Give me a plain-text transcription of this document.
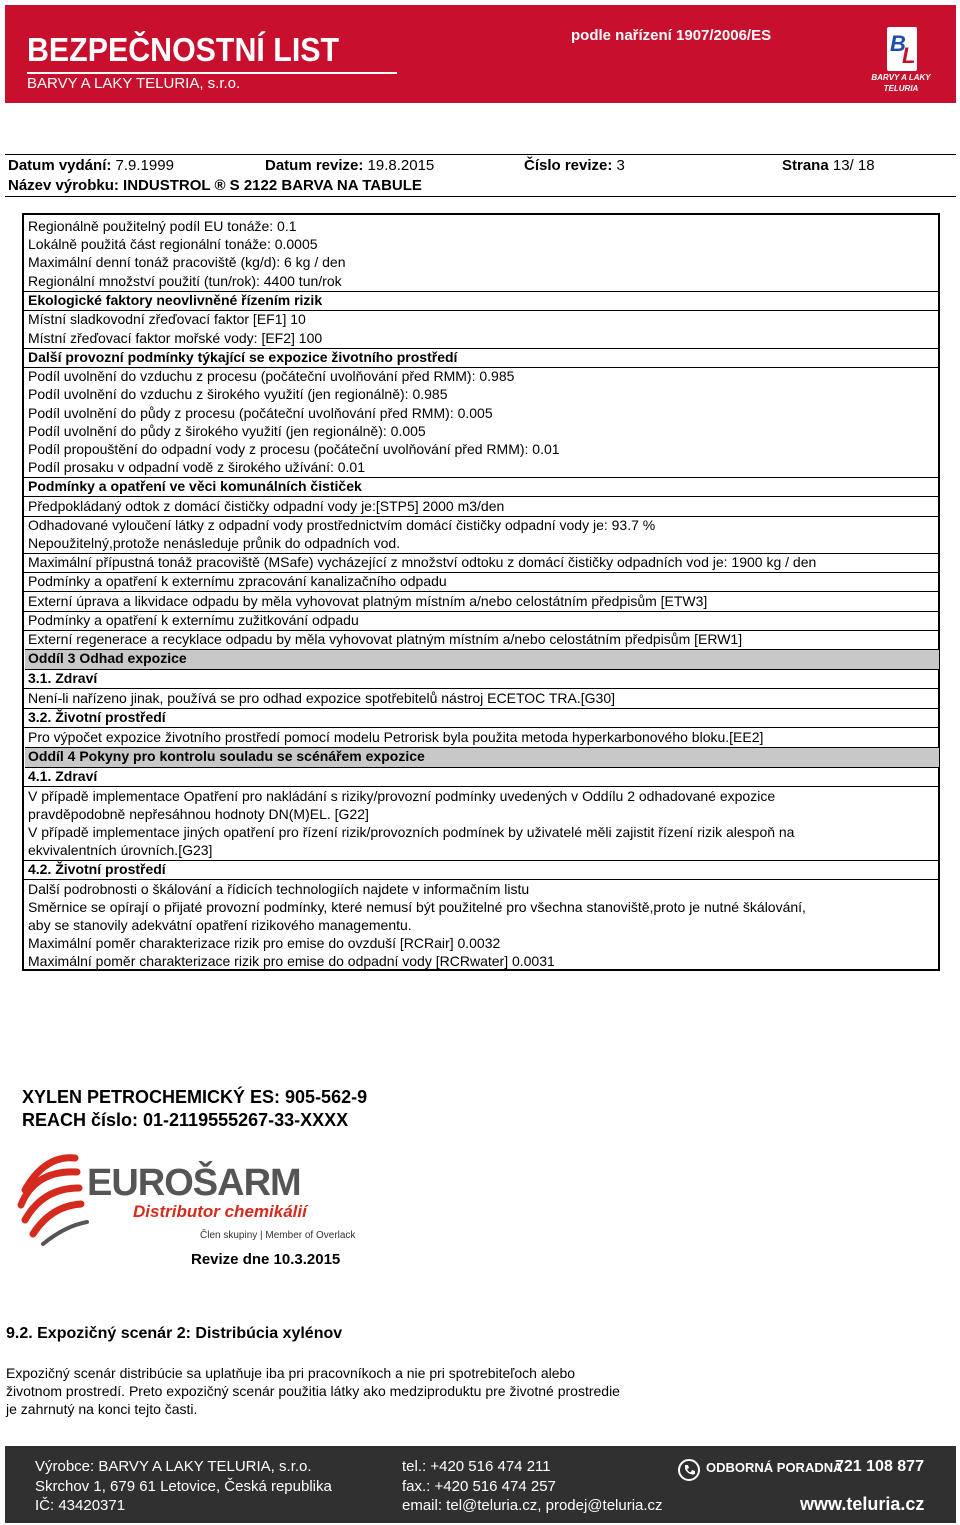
BEZPEČNOSTNÍ LIST
BARVY A LAKY TELURIA, s.r.o.
podle nařízení 1907/2006/ES	B
L
BARVY A LAKY
TELURIA
Datum vydání: 7.9.1999	Datum revize: 19.8.2015	Číslo revize: 3	Strana 13/ 18
Název výrobku: INDUSTROL ® S 2122 BARVA NA TABULE
Regionálně použitelný podíl EU tonáže: 0.1
Lokálně použitá část regionální tonáže: 0.0005
Maximální denní tonáž pracoviště (kg/d): 6 kg / den
Regionální množství použití (tun/rok): 4400 tun/rok
Ekologické faktory neovlivněné řízením rizik
Místní sladkovodní zřeďovací faktor [EF1] 10
Místní zřeďovací faktor mořské vody: [EF2] 100
Další provozní podmínky týkající se expozice životního prostředí
Podíl uvolnění do vzduchu z procesu (počáteční uvolňování před RMM): 0.985
Podíl uvolnění do vzduchu z širokého využití (jen regionálně): 0.985
Podíl uvolnění do půdy z procesu (počáteční uvolňování před RMM): 0.005
Podíl uvolnění do půdy z širokého využití (jen regionálně): 0.005
Podíl propouštění do odpadní vody z procesu (počáteční uvolňování před RMM): 0.01
Podíl prosaku v odpadní vodě z širokého užívání: 0.01
Podmínky a opatření ve věci komunálních čističek
Předpokládaný odtok z domácí čističky odpadní vody je:[STP5] 2000 m3/den
Odhadované vyloučení látky z odpadní vody prostřednictvím domácí čističky odpadní vody je: 93.7 %
Nepoužitelný,protože nenásleduje průnik do odpadních vod.
Maximální přípustná tonáž pracoviště (MSafe) vycházející z množství odtoku z domácí čističky odpadních vod je: 1900 kg / den
Podmínky a opatření k externímu zpracování kanalizačního odpadu
Externí úprava a likvidace odpadu by měla vyhovovat platným místním a/nebo celostátním předpisům [ETW3]
Podmínky a opatření k externímu zužitkování odpadu
Externí regenerace a recyklace odpadu by měla vyhovovat platným místním a/nebo celostátním předpisům [ERW1]
Oddíl 3 Odhad expozice
3.1. Zdraví
Není-li nařízeno jinak, používá se pro odhad expozice spotřebitelů nástroj ECETOC TRA.[G30]
3.2. Životní prostředí
Pro výpočet expozice životního prostředí pomocí modelu Petrorisk byla použita metoda hyperkarbonového bloku.[EE2]
Oddíl 4 Pokyny pro kontrolu souladu se scénářem expozice
4.1. Zdraví
V případě implementace Opatření pro nakládání s riziky/provozní podmínky uvedených v Oddílu 2 odhadované expozice
pravděpodobně nepřesáhnou hodnoty DN(M)EL. [G22]
V případě implementace jiných opatření pro řízení rizik/provozních podmínek by uživatelé měli zajistit řízení rizik alespoň na
ekvivalentních úrovních.[G23]
4.2. Životní prostředí
Další podrobnosti o škálování a řídicích technologiích najdete v informačním listu
Směrnice se opírají o přijaté provozní podmínky, které nemusí být použitelné pro všechna stanoviště,proto je nutné škálování,
aby se stanovily adekvátní opatření rizikového managementu.
Maximální poměr charakterizace rizik pro emise do ovzduší [RCRair] 0.0032
Maximální poměr charakterizace rizik pro emise do odpadní vody [RCRwater] 0.0031
XYLEN PETROCHEMICKÝ ES: 905-562-9
REACH číslo: 01-2119555267-33-XXXX
EUROŠARM
Distributor chemikálií
Člen skupiny | Member of Overlack
Revize dne 10.3.2015
9.2. Expozičný scenár 2: Distribúcia xylénov
Expozičný scenár distribúcie sa uplatňuje iba pri pracovníkoch a nie pri spotrebiteľoch alebo
životnom prostredí. Preto expozičný scenár použitia látky ako medziproduktu pre životné prostredie
je zahrnutý na konci tejto časti.
Výrobce: BARVY A LAKY TELURIA, s.r.o.
Skrchov 1, 679 61 Letovice, Česká republika
IČ: 43420371
tel.: +420 516 474 211
fax.: +420 516 474 257
email: tel@teluria.cz, prodej@teluria.cz
ODBORNÁ PORADNA
721 108 877
www.teluria.cz
